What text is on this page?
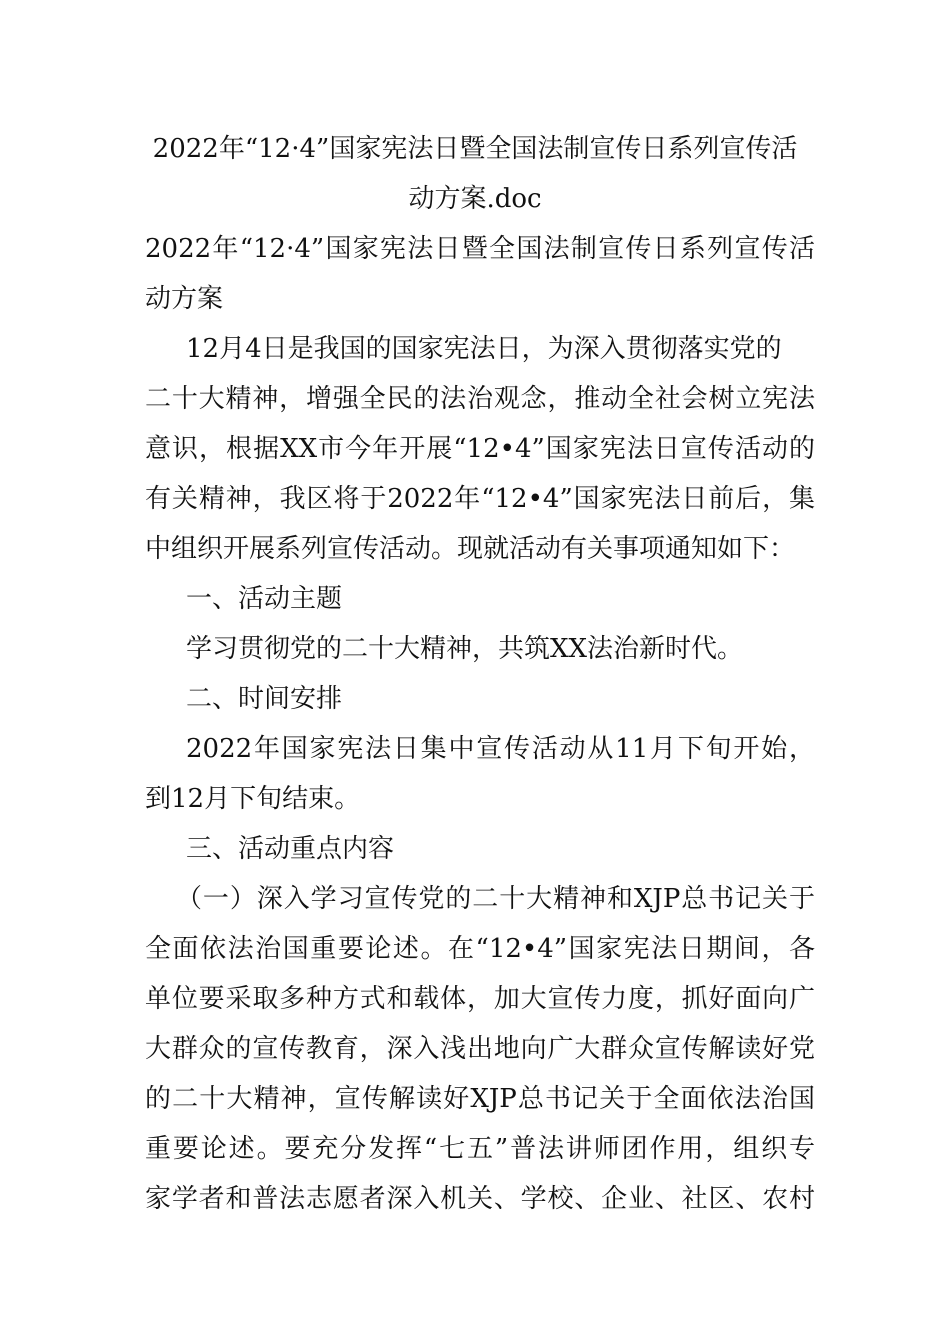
2022年“12·4”国家宪法日暨全国法制宣传日系列宣传活
动方案.doc
2022年“12·4”国家宪法日暨全国法制宣传日系列宣传活
动方案
12月4日是我国的国家宪法日，为深入贯彻落实党的
二十大精神，增强全民的法治观念，推动全社会树立宪法
意识，根据XX市今年开展“12•4”国家宪法日宣传活动的
有关精神，我区将于2022年“12•4”国家宪法日前后，集
中组织开展系列宣传活动。现就活动有关事项通知如下：
一、活动主题
学习贯彻党的二十大精神，共筑XX法治新时代。
二、时间安排
2022年国家宪法日集中宣传活动从11月下旬开始，
到12月下旬结束。
三、活动重点内容
（一）深入学习宣传党的二十大精神和XJP总书记关于
全面依法治国重要论述。在“12•4”国家宪法日期间，各
单位要采取多种方式和载体，加大宣传力度，抓好面向广
大群众的宣传教育，深入浅出地向广大群众宣传解读好党
的二十大精神，宣传解读好XJP总书记关于全面依法治国
重要论述。要充分发挥“七五”普法讲师团作用，组织专
家学者和普法志愿者深入机关、学校、企业、社区、农村
